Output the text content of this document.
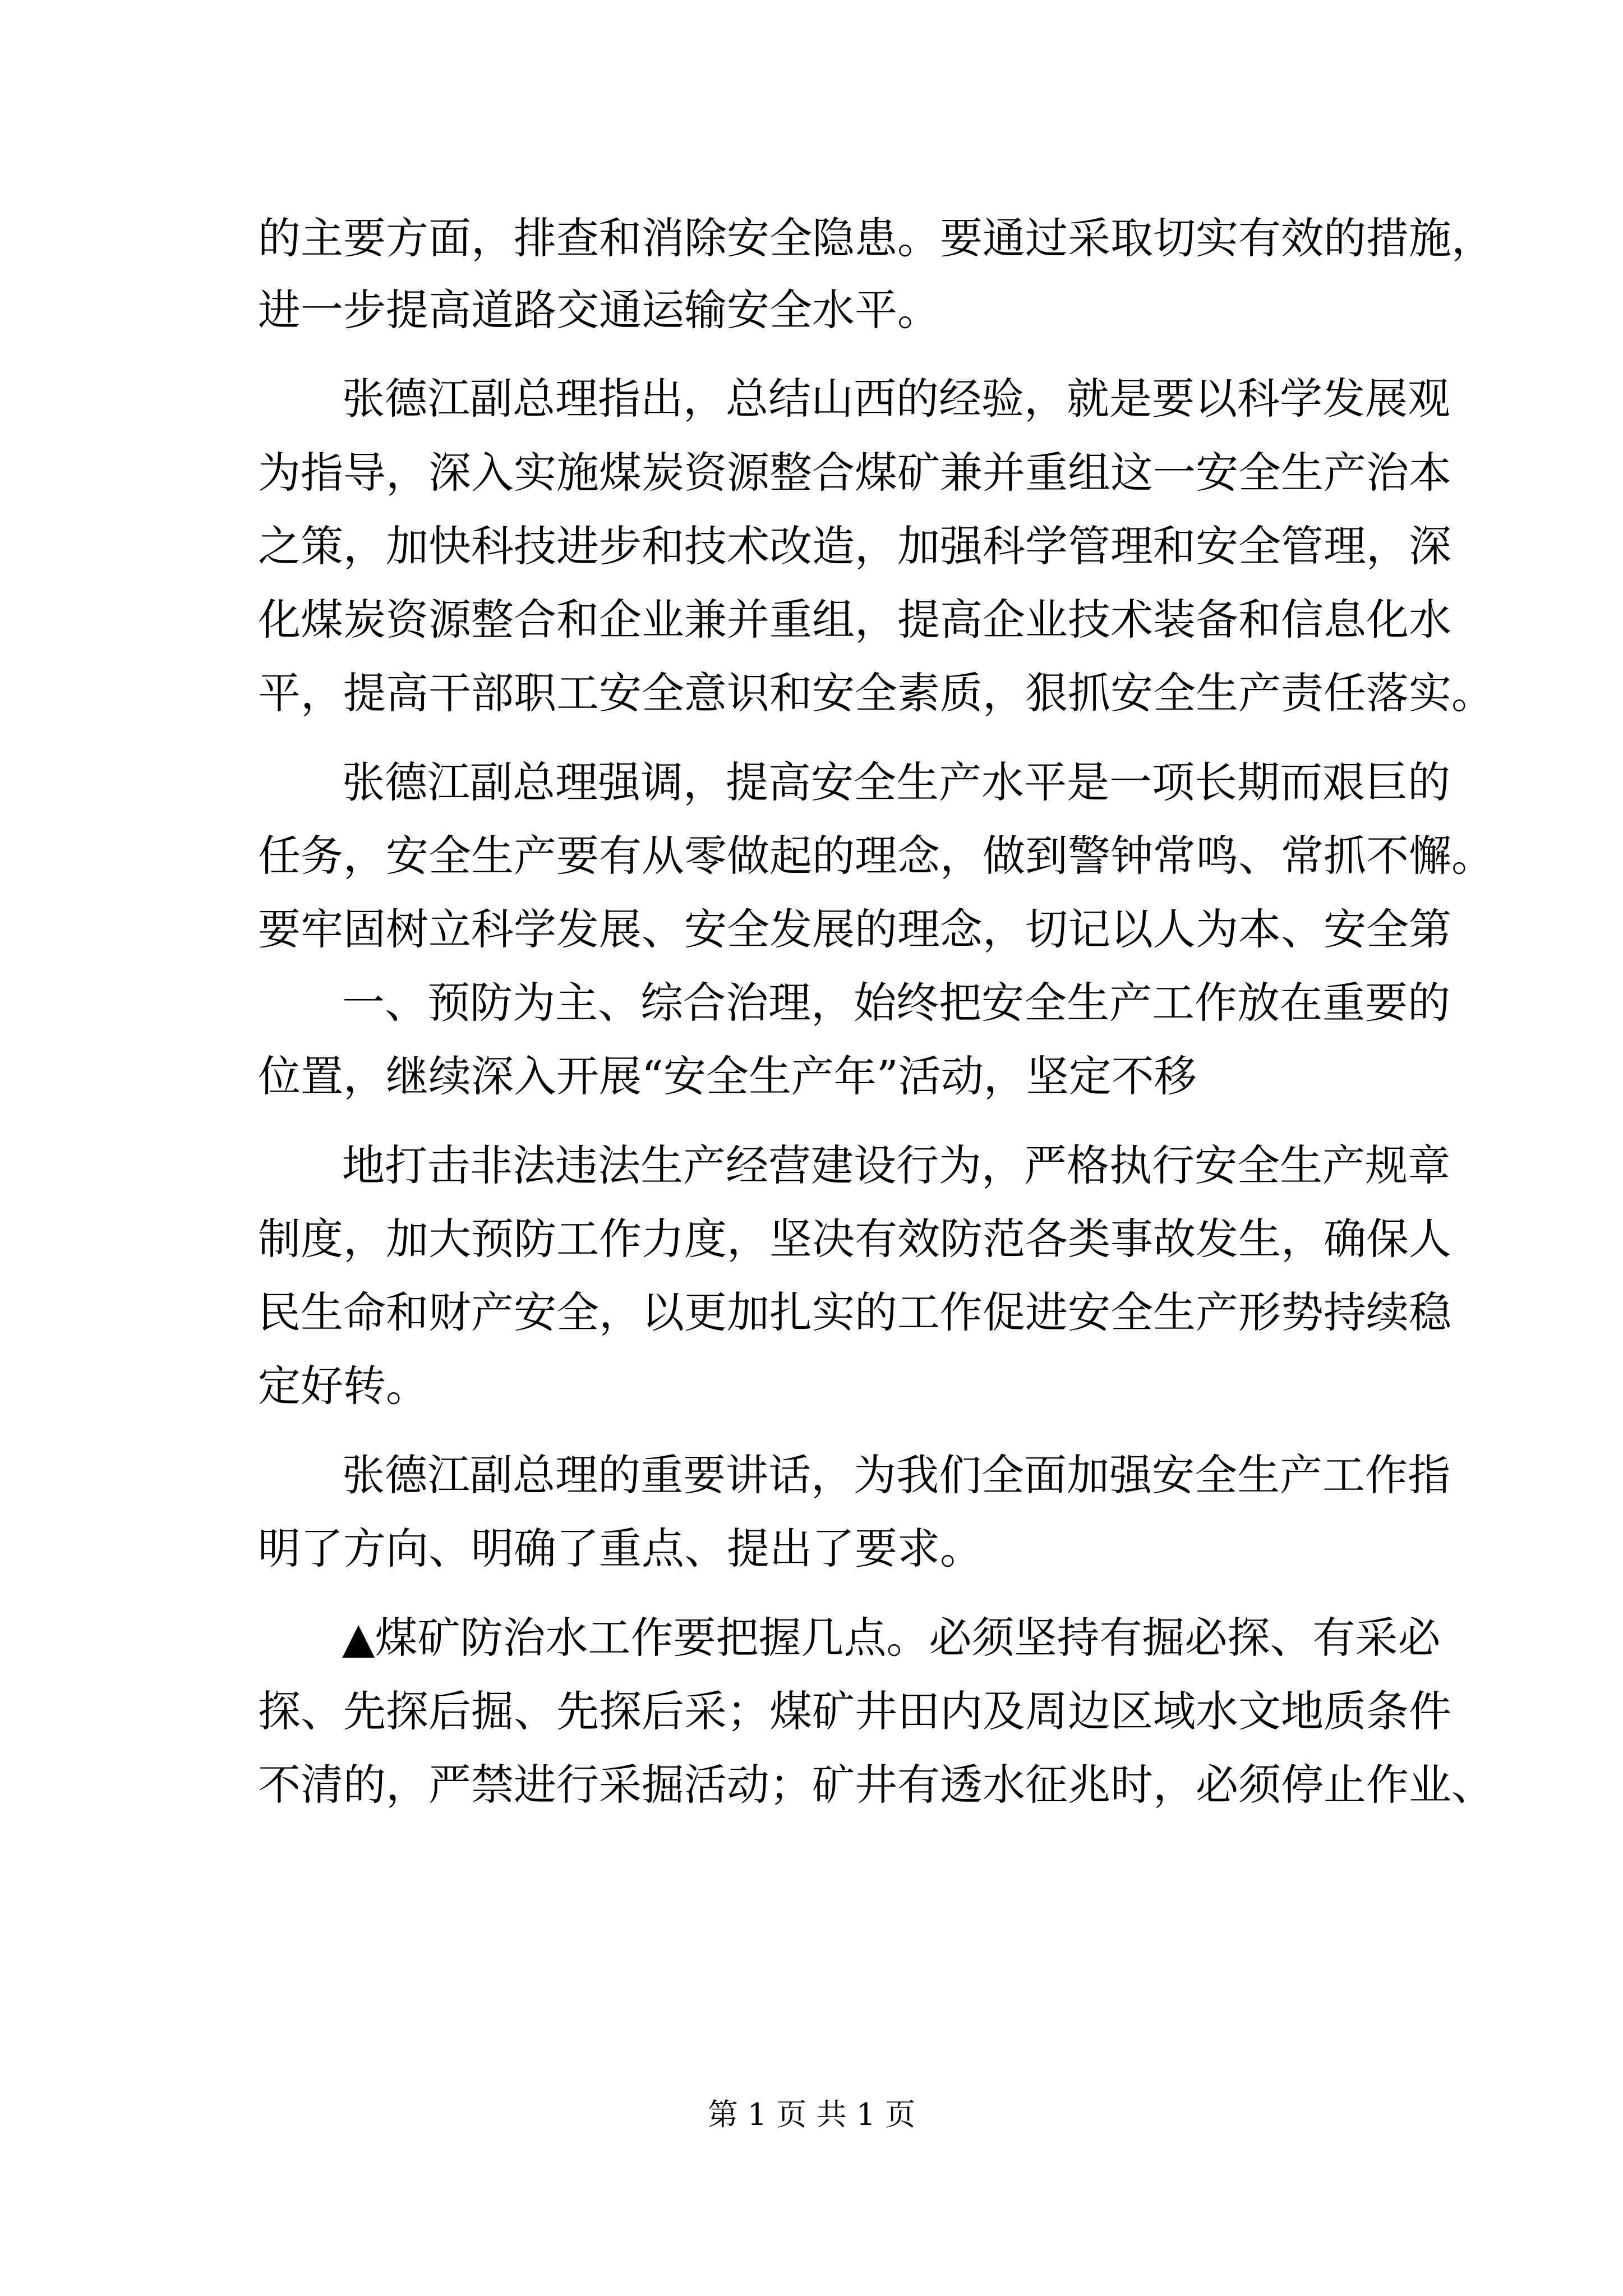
的主要方面，排查和消除安全隐患。要通过采取切实有效的措施，
进一步提高道路交通运输安全水平。
张德江副总理指出，总结山西的经验，就是要以科学发展观
为指导，深入实施煤炭资源整合煤矿兼并重组这一安全生产治本
之策，加快科技进步和技术改造，加强科学管理和安全管理，深
化煤炭资源整合和企业兼并重组，提高企业技术装备和信息化水
平，提高干部职工安全意识和安全素质，狠抓安全生产责任落实。
张德江副总理强调，提高安全生产水平是一项长期而艰巨的
任务，安全生产要有从零做起的理念，做到警钟常鸣、常抓不懈。
要牢固树立科学发展、安全发展的理念，切记以人为本、安全第
一、预防为主、综合治理，始终把安全生产工作放在重要的
位置，继续深入开展“安全生产年”活动，坚定不移
地打击非法违法生产经营建设行为，严格执行安全生产规章
制度，加大预防工作力度，坚决有效防范各类事故发生，确保人
民生命和财产安全，以更加扎实的工作促进安全生产形势持续稳
定好转。
张德江副总理的重要讲话，为我们全面加强安全生产工作指
明了方向、明确了重点、提出了要求。
▲煤矿防治水工作要把握几点。必须坚持有掘必探、有采必
探、先探后掘、先探后采；煤矿井田内及周边区域水文地质条件
不清的，严禁进行采掘活动；矿井有透水征兆时，必须停止作业、
第 1 页 共 1 页
